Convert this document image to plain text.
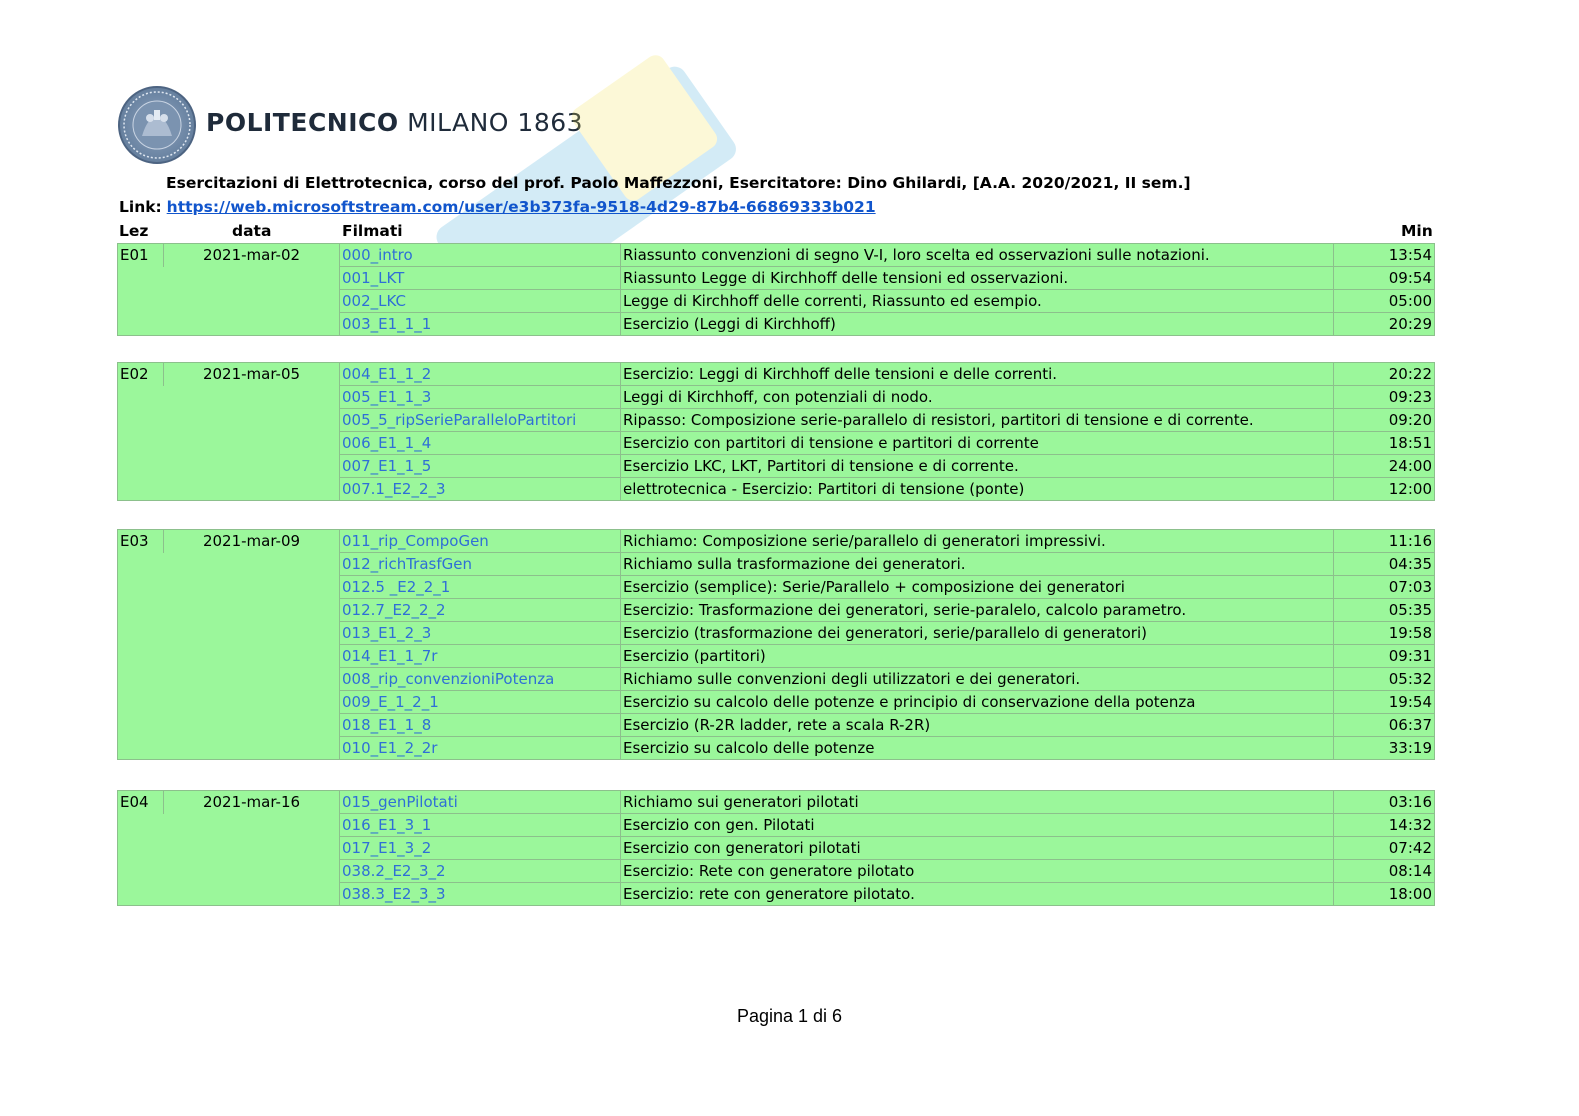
POLITECNICO MILANO 1863
Esercitazioni di Elettrotecnica, corso del prof. Paolo Maffezzoni, Esercitatore: Dino Ghilardi, [A.A. 2020/2021, II sem.]
Link: https://web.microsoftstream.com/user/e3b373fa-9518-4d29-87b4-66869333b021
Lez	data	Filmati	Min
E01	2021-mar-02	000_intro	Riassunto convenzioni di segno V-I, loro scelta ed osservazioni sulle notazioni.	13:54
		001_LKT	Riassunto Legge di Kirchhoff delle tensioni ed osservazioni.	09:54
		002_LKC	Legge di Kirchhoff delle correnti, Riassunto ed esempio.	05:00
		003_E1_1_1	Esercizio (Leggi di Kirchhoff)	20:29
E02	2021-mar-05	004_E1_1_2	Esercizio: Leggi di Kirchhoff delle tensioni e delle correnti.	20:22
		005_E1_1_3	Leggi di Kirchhoff, con potenziali di nodo.	09:23
		005_5_ripSerieParalleloPartitori	Ripasso: Composizione serie-parallelo di resistori, partitori di tensione e di corrente.	09:20
		006_E1_1_4	Esercizio con partitori di tensione e partitori di corrente	18:51
		007_E1_1_5	Esercizio LKC, LKT, Partitori di tensione e di corrente.	24:00
		007.1_E2_2_3	elettrotecnica - Esercizio: Partitori di tensione (ponte)	12:00
E03	2021-mar-09	011_rip_CompoGen	Richiamo: Composizione serie/parallelo di generatori impressivi.	11:16
		012_richTrasfGen	Richiamo sulla trasformazione dei generatori.	04:35
		012.5 _E2_2_1	Esercizio (semplice): Serie/Parallelo + composizione dei generatori	07:03
		012.7_E2_2_2	Esercizio: Trasformazione dei generatori, serie-paralelo, calcolo parametro.	05:35
		013_E1_2_3	Esercizio (trasformazione dei generatori, serie/parallelo di generatori)	19:58
		014_E1_1_7r	Esercizio (partitori)	09:31
		008_rip_convenzioniPotenza	Richiamo sulle convenzioni degli utilizzatori e dei generatori.	05:32
		009_E_1_2_1	Esercizio su calcolo delle potenze e principio di conservazione della potenza	19:54
		018_E1_1_8	Esercizio (R-2R ladder, rete a scala R-2R)	06:37
		010_E1_2_2r	Esercizio su calcolo delle potenze	33:19
E04	2021-mar-16	015_genPilotati	Richiamo sui generatori pilotati	03:16
		016_E1_3_1	Esercizio con gen. Pilotati	14:32
		017_E1_3_2	Esercizio con generatori pilotati	07:42
		038.2_E2_3_2	Esercizio: Rete con generatore pilotato	08:14
		038.3_E2_3_3	Esercizio: rete con generatore pilotato.	18:00
Pagina 1 di 6
